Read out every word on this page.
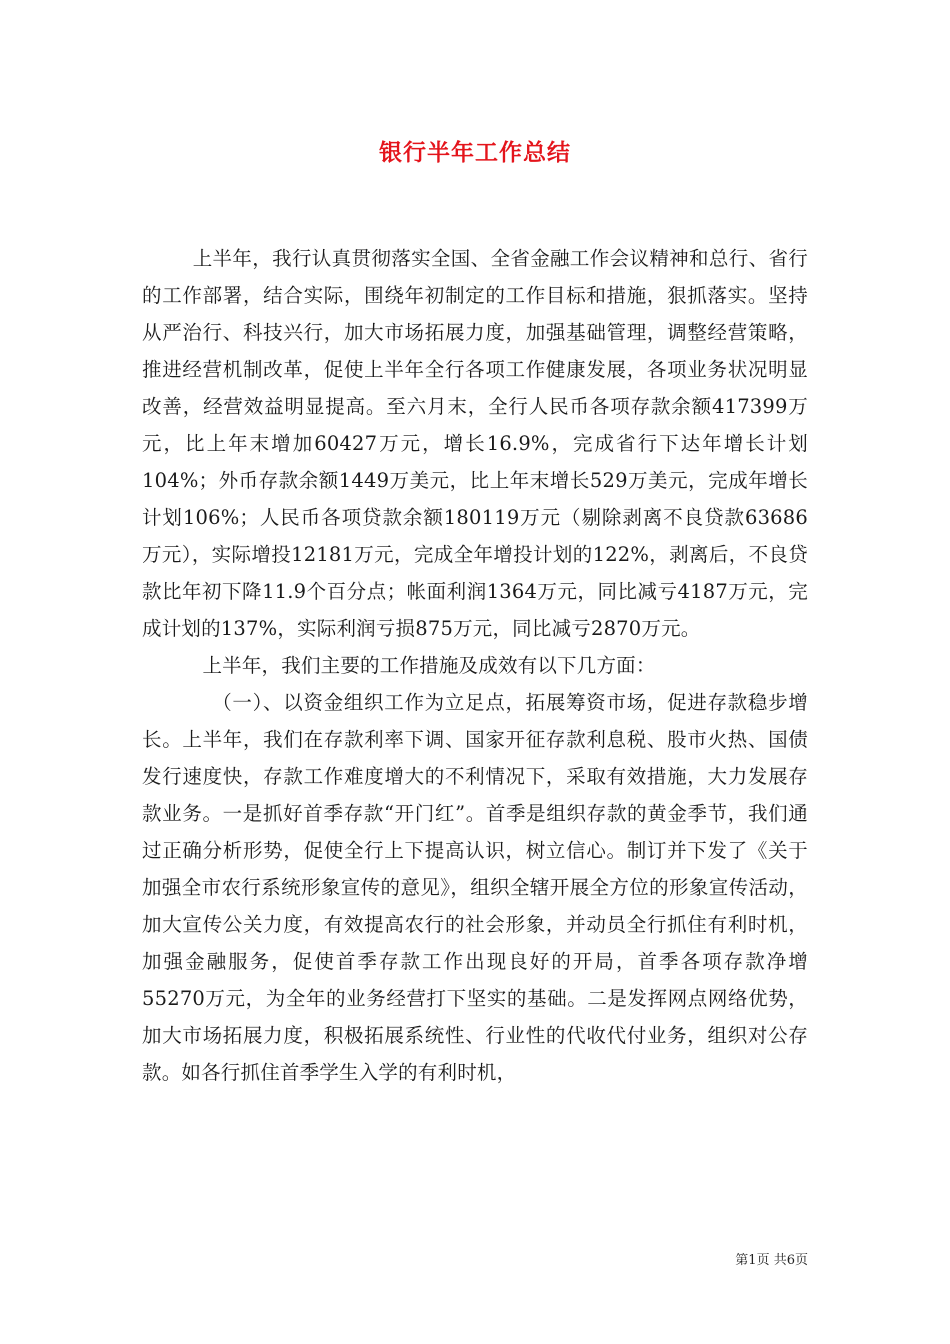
银行半年工作总结

上半年，我行认真贯彻落实全国、全省金融工作会议精神和总行、省行的工作部署，结合实际，围绕年初制定的工作目标和措施，狠抓落实。坚持从严治行、科技兴行，加大市场拓展力度，加强基础管理，调整经营策略，推进经营机制改革，促使上半年全行各项工作健康发展，各项业务状况明显改善，经营效益明显提高。至六月末，全行人民币各项存款余额417399万元，比上年末增加60427万元，增长16.9%，完成省行下达年增长计划104%；外币存款余额1449万美元，比上年末增长529万美元，完成年增长计划106%；人民币各项贷款余额180119万元（剔除剥离不良贷款63686万元），实际增投12181万元，完成全年增投计划的122%，剥离后，不良贷款比年初下降11.9个百分点；帐面利润1364万元，同比减亏4187万元，完成计划的137%，实际利润亏损875万元，同比减亏2870万元。

上半年，我们主要的工作措施及成效有以下几方面：

（一）、以资金组织工作为立足点，拓展筹资市场，促进存款稳步增长。上半年，我们在存款利率下调、国家开征存款利息税、股市火热、国债发行速度快，存款工作难度增大的不利情况下，采取有效措施，大力发展存款业务。一是抓好首季存款“开门红”。首季是组织存款的黄金季节，我们通过正确分析形势，促使全行上下提高认识，树立信心。制订并下发了《关于加强全市农行系统形象宣传的意见》，组织全辖开展全方位的形象宣传活动，加大宣传公关力度，有效提高农行的社会形象，并动员全行抓住有利时机，加强金融服务，促使首季存款工作出现良好的开局，首季各项存款净增55270万元，为全年的业务经营打下坚实的基础。二是发挥网点网络优势，加大市场拓展力度，积极拓展系统性、行业性的代收代付业务，组织对公存款。如各行抓住首季学生入学的有利时机，

第1页 共6页
